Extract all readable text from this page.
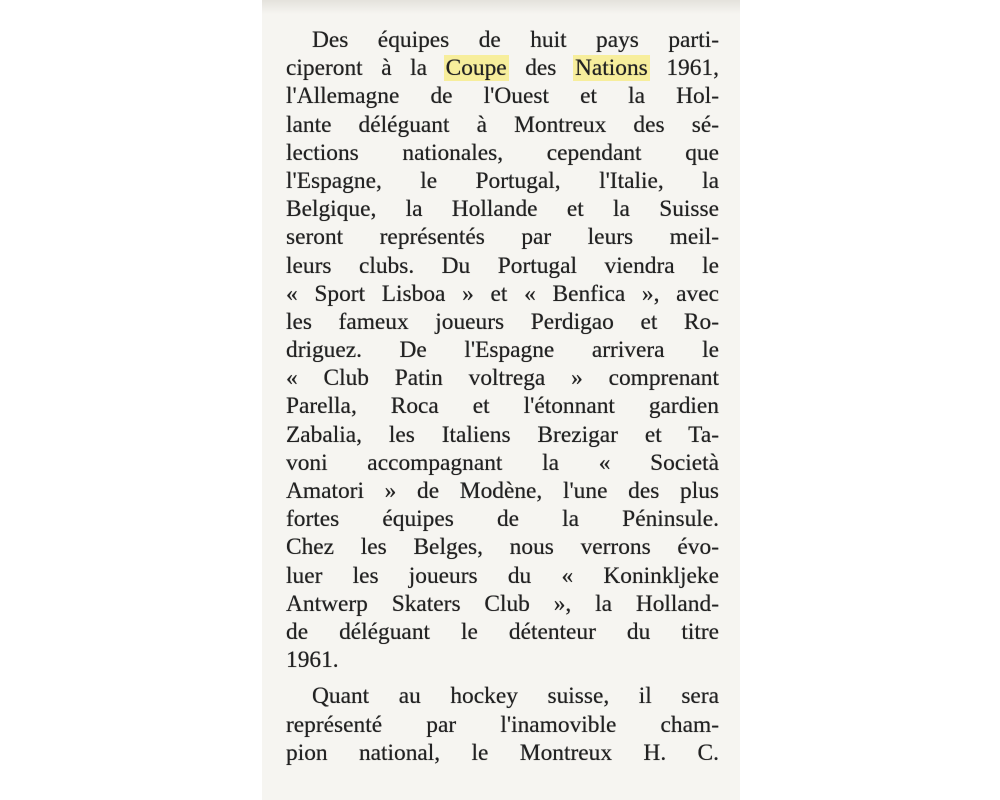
Des équipes de huit pays parti-
ciperont à la Coupe des Nations 1961,
l'Allemagne de l'Ouest et la Hol-
lante déléguant à Montreux des sé-
lections nationales, cependant que
l'Espagne, le Portugal, l'Italie, la
Belgique, la Hollande et la Suisse
seront représentés par leurs meil-
leurs clubs. Du Portugal viendra le
« Sport Lisboa » et « Benfica », avec
les fameux joueurs Perdigao et Ro-
driguez. De l'Espagne arrivera le
« Club Patin voltrega » comprenant
Parella, Roca et l'étonnant gardien
Zabalia, les Italiens Brezigar et Ta-
voni accompagnant la « Società
Amatori » de Modène, l'une des plus
fortes équipes de la Péninsule.
Chez les Belges, nous verrons évo-
luer les joueurs du « Koninkljeke
Antwerp Skaters Club », la Holland-
de déléguant le détenteur du titre
1961.
Quant au hockey suisse, il sera
représenté par l'inamovible cham-
pion national, le Montreux H. C.
